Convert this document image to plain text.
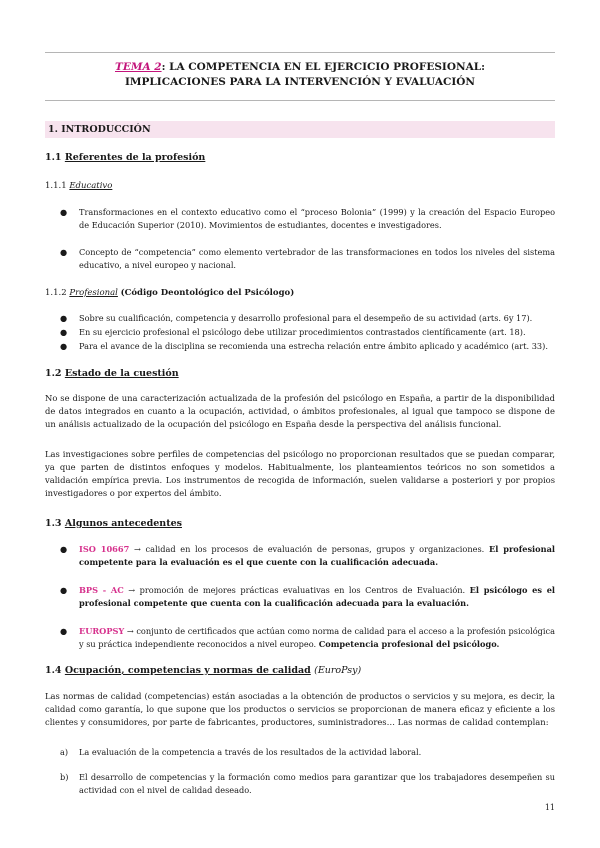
TEMA 2: LA COMPETENCIA EN EL EJERCICIO PROFESIONAL:
IMPLICACIONES PARA LA INTERVENCIÓN Y EVALUACIÓN
1. INTRODUCCIÓN
1.1 Referentes de la profesión
1.1.1 Educativo
●	Transformaciones en el contexto educativo como el “proceso Bolonia” (1999) y la creación del Espacio Europeo de Educación Superior (2010). Movimientos de estudiantes, docentes e investigadores.
●	Concepto de “competencia” como elemento vertebrador de las transformaciones en todos los niveles del sistema educativo, a nivel europeo y nacional.
1.1.2 Profesional (Código Deontológico del Psicólogo)
●	Sobre su cualificación, competencia y desarrollo profesional para el desempeño de su actividad (arts. 6y 17).
●	En su ejercicio profesional el psicólogo debe utilizar procedimientos contrastados científicamente (art. 18).
●	Para el avance de la disciplina se recomienda una estrecha relación entre ámbito aplicado y académico (art. 33).
1.2 Estado de la cuestión
No se dispone de una caracterización actualizada de la profesión del psicólogo en España, a partir de la disponibilidad de datos integrados en cuanto a la ocupación, actividad, o ámbitos profesionales, al igual que tampoco se dispone de un análisis actualizado de la ocupación del psicólogo en España desde la perspectiva del análisis funcional.
Las investigaciones sobre perfiles de competencias del psicólogo no proporcionan resultados que se puedan comparar, ya que parten de distintos enfoques y modelos. Habitualmente, los planteamientos teóricos no son sometidos a validación empírica previa. Los instrumentos de recogida de información, suelen validarse a posteriori y por propios investigadores o por expertos del ámbito.
1.3 Algunos antecedentes
●	ISO 10667 → calidad en los procesos de evaluación de personas, grupos y organizaciones. El profesional competente para la evaluación es el que cuente con la cualificación adecuada.
●	BPS - AC → promoción de mejores prácticas evaluativas en los Centros de Evaluación. El psicólogo es el profesional competente que cuenta con la cualificación adecuada para la evaluación.
●	EUROPSY → conjunto de certificados que actúan como norma de calidad para el acceso a la profesión psicológica y su práctica independiente reconocidos a nivel europeo. Competencia profesional del psicólogo.
1.4 Ocupación, competencias y normas de calidad (EuroPsy)
Las normas de calidad (competencias) están asociadas a la obtención de productos o servicios y su mejora, es decir, la calidad como garantía, lo que supone que los productos o servicios se proporcionan de manera eficaz y eficiente a los clientes y consumidores, por parte de fabricantes, productores, suministradores… Las normas de calidad contemplan:
a)	La evaluación de la competencia a través de los resultados de la actividad laboral.
b)	El desarrollo de competencias y la formación como medios para garantizar que los trabajadores desempeñen su actividad con el nivel de calidad deseado.
11
